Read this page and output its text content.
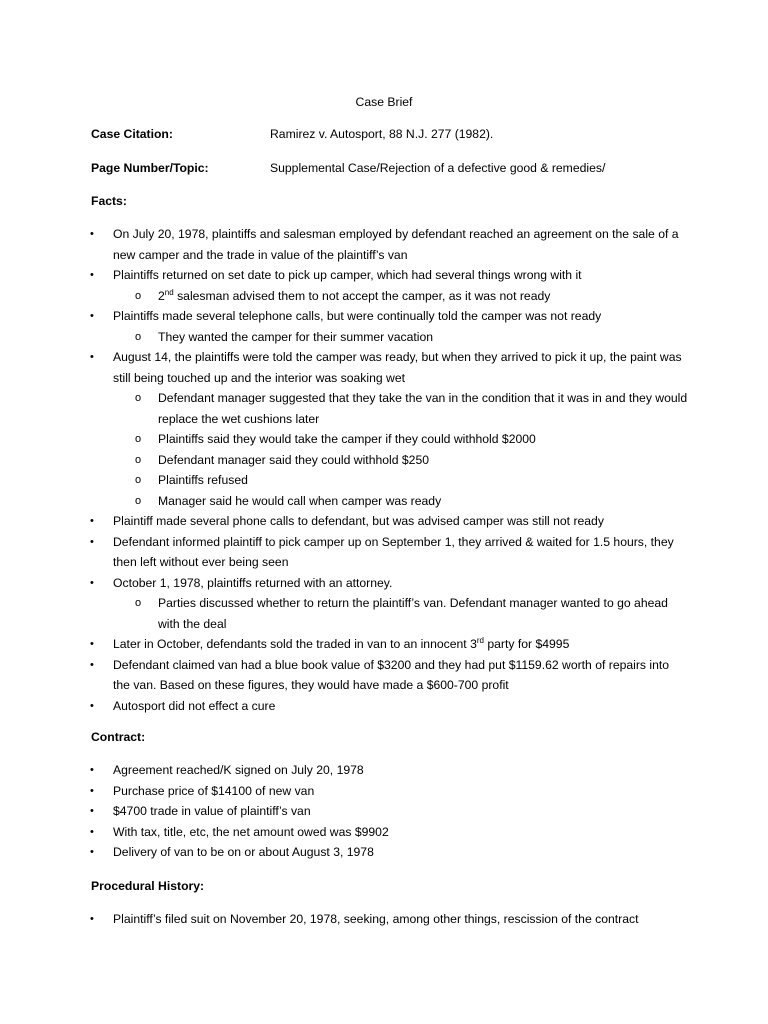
Case Brief
Case Citation:	Ramirez v. Autosport, 88 N.J. 277 (1982).
Page Number/Topic:	Supplemental Case/Rejection of a defective good & remedies/
Facts:
• On July 20, 1978, plaintiffs and salesman employed by defendant reached an agreement on the sale of a new camper and the trade in value of the plaintiff’s van
• Plaintiffs returned on set date to pick up camper, which had several things wrong with it
o 2nd salesman advised them to not accept the camper, as it was not ready
• Plaintiffs made several telephone calls, but were continually told the camper was not ready
o They wanted the camper for their summer vacation
• August 14, the plaintiffs were told the camper was ready, but when they arrived to pick it up, the paint was still being touched up and the interior was soaking wet
o Defendant manager suggested that they take the van in the condition that it was in and they would replace the wet cushions later
o Plaintiffs said they would take the camper if they could withhold $2000
o Defendant manager said they could withhold $250
o Plaintiffs refused
o Manager said he would call when camper was ready
• Plaintiff made several phone calls to defendant, but was advised camper was still not ready
• Defendant informed plaintiff to pick camper up on September 1, they arrived & waited for 1.5 hours, they then left without ever being seen
• October 1, 1978, plaintiffs returned with an attorney.
o Parties discussed whether to return the plaintiff’s van. Defendant manager wanted to go ahead with the deal
• Later in October, defendants sold the traded in van to an innocent 3rd party for $4995
• Defendant claimed van had a blue book value of $3200 and they had put $1159.62 worth of repairs into the van. Based on these figures, they would have made a $600-700 profit
• Autosport did not effect a cure
Contract:
• Agreement reached/K signed on July 20, 1978
• Purchase price of $14100 of new van
• $4700 trade in value of plaintiff’s van
• With tax, title, etc, the net amount owed was $9902
• Delivery of van to be on or about August 3, 1978
Procedural History:
• Plaintiff’s filed suit on November 20, 1978, seeking, among other things, rescission of the contract
